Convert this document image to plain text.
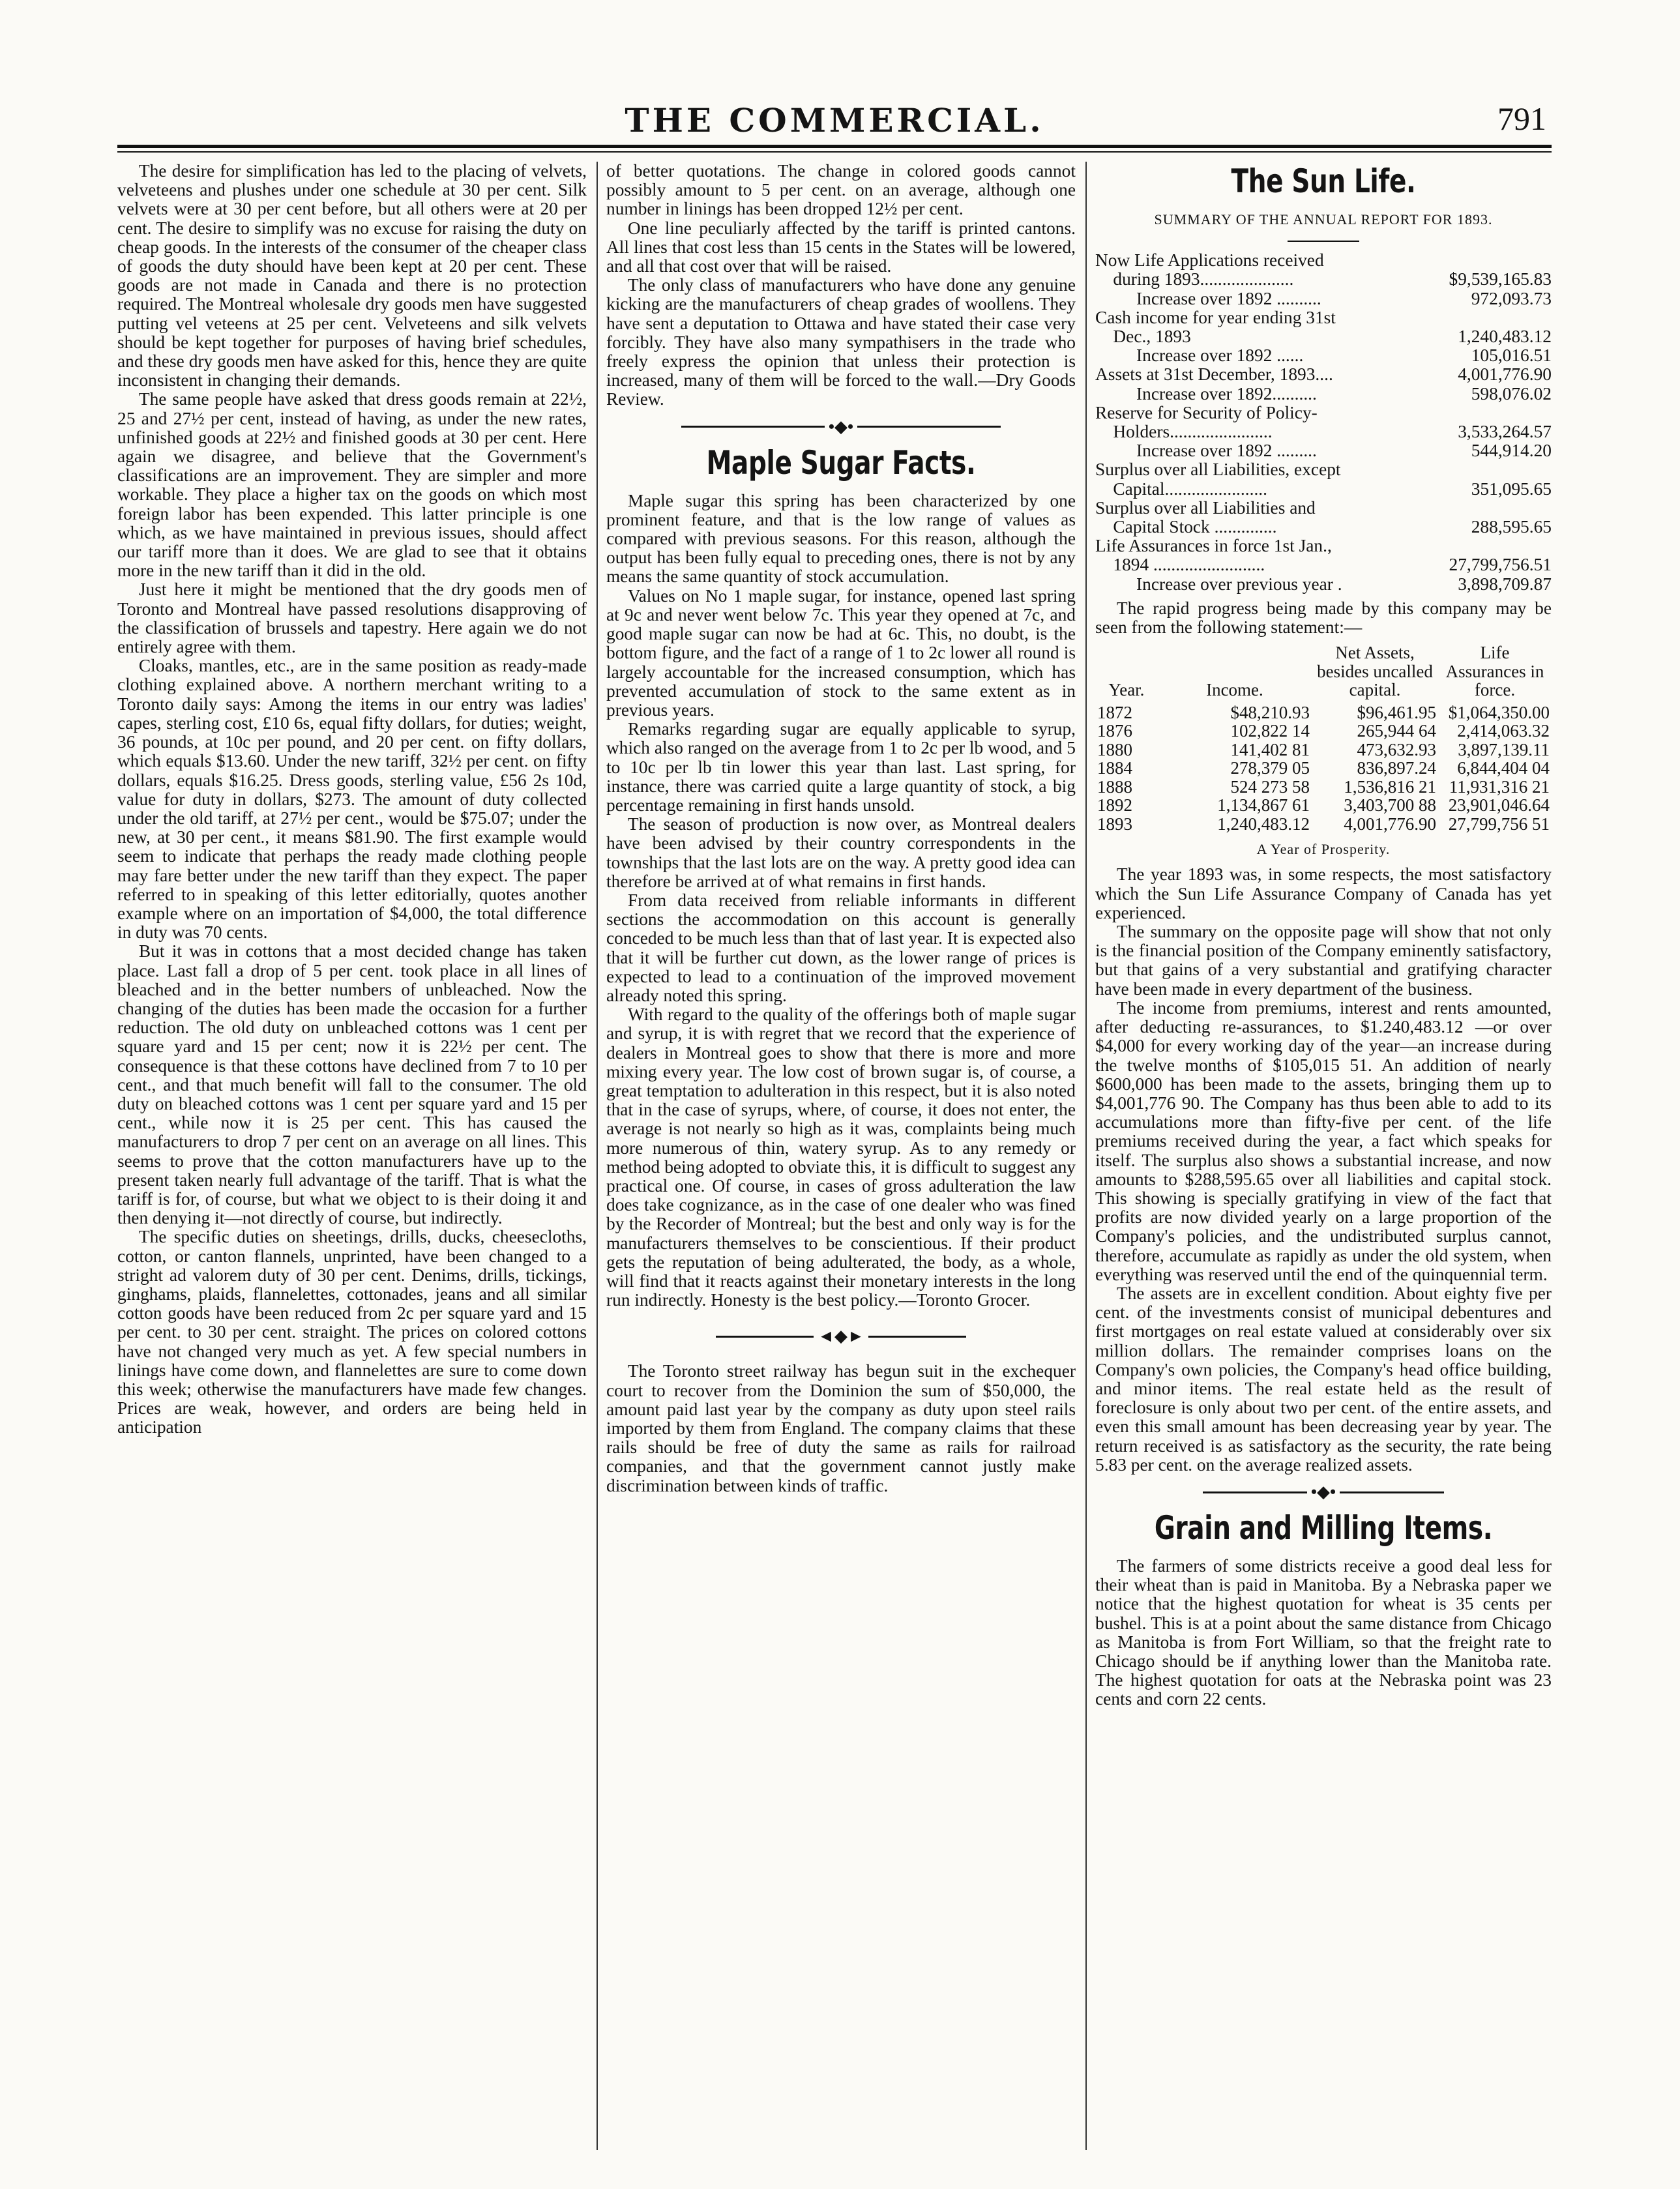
THE COMMERCIAL.	791

The desire for simplification has led to the placing of velvets, velveteens and plushes under one schedule at 30 per cent. Silk velvets were at 30 per cent before, but all others were at 20 per cent. The desire to simplify was no excuse for raising the duty on cheap goods. In the interests of the consumer of the cheaper class of goods the duty should have been kept at 20 per cent. These goods are not made in Canada and there is no protection required. The Montreal wholesale dry goods men have suggested putting vel veteens at 25 per cent. Velveteens and silk velvets should be kept together for purposes of having brief schedules, and these dry goods men have asked for this, hence they are quite inconsistent in changing their demands.

The same people have asked that dress goods remain at 22½, 25 and 27½ per cent, instead of having, as under the new rates, unfinished goods at 22½ and finished goods at 30 per cent. Here again we disagree, and believe that the Government's classifications are an improvement. They are simpler and more workable. They place a higher tax on the goods on which most foreign labor has been expended. This latter principle is one which, as we have maintained in previous issues, should affect our tariff more than it does. We are glad to see that it obtains more in the new tariff than it did in the old.

Just here it might be mentioned that the dry goods men of Toronto and Montreal have passed resolutions disapproving of the classification of brussels and tapestry. Here again we do not entirely agree with them.

Cloaks, mantles, etc., are in the same position as ready-made clothing explained above. A northern merchant writing to a Toronto daily says: Among the items in our entry was ladies' capes, sterling cost, £10 6s, equal fifty dollars, for duties; weight, 36 pounds, at 10c per pound, and 20 per cent. on fifty dollars, which equals $13.60. Under the new tariff, 32½ per cent. on fifty dollars, equals $16.25. Dress goods, sterling value, £56 2s 10d, value for duty in dollars, $273. The amount of duty collected under the old tariff, at 27½ per cent., would be $75.07; under the new, at 30 per cent., it means $81.90. The first example would seem to indicate that perhaps the ready made clothing people may fare better under the new tariff than they expect. The paper referred to in speaking of this letter editorially, quotes another example where on an importation of $4,000, the total difference in duty was 70 cents.

But it was in cottons that a most decided change has taken place. Last fall a drop of 5 per cent. took place in all lines of bleached and in the better numbers of unbleached. Now the changing of the duties has been made the occasion for a further reduction. The old duty on unbleached cottons was 1 cent per square yard and 15 per cent; now it is 22½ per cent. The consequence is that these cottons have declined from 7 to 10 per cent., and that much benefit will fall to the consumer. The old duty on bleached cottons was 1 cent per square yard and 15 per cent., while now it is 25 per cent. This has caused the manufacturers to drop 7 per cent on an average on all lines. This seems to prove that the cotton manufacturers have up to the present taken nearly full advantage of the tariff. That is what the tariff is for, of course, but what we object to is their doing it and then denying it—not directly of course, but indirectly.

The specific duties on sheetings, drills, ducks, cheesecloths, cotton, or canton flannels, unprinted, have been changed to a stright ad valorem duty of 30 per cent. Denims, drills, tickings, ginghams, plaids, flannelettes, cottonades, jeans and all similar cotton goods have been reduced from 2c per square yard and 15 per cent. to 30 per cent. straight. The prices on colored cottons have not changed very much as yet. A few special numbers in linings have come down, and flannelettes are sure to come down this week; otherwise the manufacturers have made few changes. Prices are weak, however, and orders are being held in anticipation

of better quotations. The change in colored goods cannot possibly amount to 5 per cent. on an average, although one number in linings has been dropped 12½ per cent.

One line peculiarly affected by the tariff is printed cantons. All lines that cost less than 15 cents in the States will be lowered, and all that cost over that will be raised.

The only class of manufacturers who have done any genuine kicking are the manufacturers of cheap grades of woollens. They have sent a deputation to Ottawa and have stated their case very forcibly. They have also many sympathisers in the trade who freely express the opinion that unless their protection is increased, many of them will be forced to the wall.—Dry Goods Review.

•◆•
Maple Sugar Facts.

Maple sugar this spring has been characterized by one prominent feature, and that is the low range of values as compared with previous seasons. For this reason, although the output has been fully equal to preceding ones, there is not by any means the same quantity of stock accumulation.

Values on No 1 maple sugar, for instance, opened last spring at 9c and never went below 7c. This year they opened at 7c, and good maple sugar can now be had at 6c. This, no doubt, is the bottom figure, and the fact of a range of 1 to 2c lower all round is largely accountable for the increased consumption, which has prevented accumulation of stock to the same extent as in previous years.

Remarks regarding sugar are equally applicable to syrup, which also ranged on the average from 1 to 2c per lb wood, and 5 to 10c per lb tin lower this year than last. Last spring, for instance, there was carried quite a large quantity of stock, a big percentage remaining in first hands unsold.

The season of production is now over, as Montreal dealers have been advised by their country correspondents in the townships that the last lots are on the way. A pretty good idea can therefore be arrived at of what remains in first hands.

From data received from reliable informants in different sections the accommodation on this account is generally conceded to be much less than that of last year. It is expected also that it will be further cut down, as the lower range of prices is expected to lead to a continuation of the improved movement already noted this spring.

With regard to the quality of the offerings both of maple sugar and syrup, it is with regret that we record that the experience of dealers in Montreal goes to show that there is more and more mixing every year. The low cost of brown sugar is, of course, a great temptation to adulteration in this respect, but it is also noted that in the case of syrups, where, of course, it does not enter, the average is not nearly so high as it was, complaints being much more numerous of thin, watery syrup. As to any remedy or method being adopted to obviate this, it is difficult to suggest any practical one. Of course, in cases of gross adulteration the law does take cognizance, as in the case of one dealer who was fined by the Recorder of Montreal; but the best and only way is for the manufacturers themselves to be conscientious. If their product gets the reputation of being adulterated, the body, as a whole, will find that it reacts against their monetary interests in the long run indirectly. Honesty is the best policy.—Toronto Grocer.

◄◆►

The Toronto street railway has begun suit in the exchequer court to recover from the Dominion the sum of $50,000, the amount paid last year by the company as duty upon steel rails imported by them from England. The company claims that these rails should be free of duty the same as rails for railroad companies, and that the government cannot justly make discrimination between kinds of traffic.

The Sun Life.
SUMMARY OF THE ANNUAL REPORT FOR 1893.
Now Life Applications received
during 1893.....................	$9,539,165.83
Increase over 1892 ..........	972,093.73
Cash income for year ending 31st
Dec., 1893	1,240,483.12
Increase over 1892 ......	105,016.51
Assets at 31st December, 1893....	4,001,776.90
Increase over 1892..........	598,076.02
Reserve for Security of Policy-
Holders.......................	3,533,264.57
Increase over 1892 .........	544,914.20
Surplus over all Liabilities, except
Capital.......................	351,095.65
Surplus over all Liabilities and
Capital Stock ..............	288,595.65
Life Assurances in force 1st Jan.,
1894 .........................	27,799,756.51
Increase over previous year .	3,898,709.87

The rapid progress being made by this company may be seen from the following statement:—

Year.	Income.	Net Assets, besides uncalled capital.	Life Assurances in force.
1872	$48,210.93	$96,461.95	$1,064,350.00
1876	102,822 14	265,944 64	2,414,063.32
1880	141,402 81	473,632.93	3,897,139.11
1884	278,379 05	836,897.24	6,844,404 04
1888	524 273 58	1,536,816 21	11,931,316 21
1892	1,134,867 61	3,403,700 88	23,901,046.64
1893	1,240,483.12	4,001,776.90	27,799,756 51
A Year of Prosperity.

The year 1893 was, in some respects, the most satisfactory which the Sun Life Assurance Company of Canada has yet experienced.

The summary on the opposite page will show that not only is the financial position of the Company eminently satisfactory, but that gains of a very substantial and gratifying character have been made in every department of the business.

The income from premiums, interest and rents amounted, after deducting re-assurances, to $1.240,483.12 —or over $4,000 for every working day of the year—an increase during the twelve months of $105,015 51. An addition of nearly $600,000 has been made to the assets, bringing them up to $4,001,776 90. The Company has thus been able to add to its accumulations more than fifty-five per cent. of the life premiums received during the year, a fact which speaks for itself. The surplus also shows a substantial increase, and now amounts to $288,595.65 over all liabilities and capital stock. This showing is specially gratifying in view of the fact that profits are now divided yearly on a large proportion of the Company's policies, and the undistributed surplus cannot, therefore, accumulate as rapidly as under the old system, when everything was reserved until the end of the quinquennial term.

The assets are in excellent condition. About eighty five per cent. of the investments consist of municipal debentures and first mortgages on real estate valued at considerably over six million dollars. The remainder comprises loans on the Company's own policies, the Company's head office building, and minor items. The real estate held as the result of foreclosure is only about two per cent. of the entire assets, and even this small amount has been decreasing year by year. The return received is as satisfactory as the security, the rate being 5.83 per cent. on the average realized assets.

•◆•
Grain and Milling Items.

The farmers of some districts receive a good deal less for their wheat than is paid in Manitoba. By a Nebraska paper we notice that the highest quotation for wheat is 35 cents per bushel. This is at a point about the same distance from Chicago as Manitoba is from Fort William, so that the freight rate to Chicago should be if anything lower than the Manitoba rate. The highest quotation for oats at the Nebraska point was 23 cents and corn 22 cents.
